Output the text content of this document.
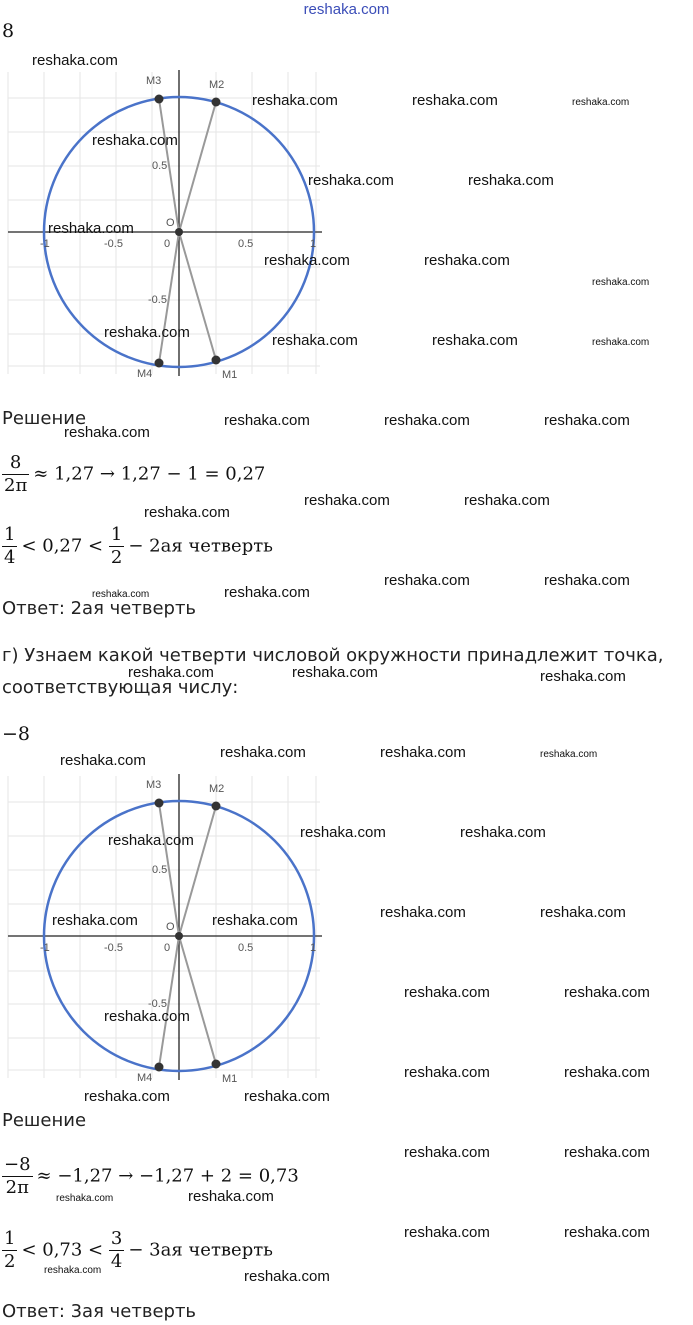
reshaka.com
8
M3	M2
M4	M1
O
-1	-0.5	0	0.5	1
0.5
-0.5
Решение
$\frac{8}{2\pi} \approx 1,27 \to 1,27 - 1 = 0,27$
$\frac{1}{4} < 0,27 < \frac{1}{2} - 2ая$ четверть
Ответ: 2ая четверть
г) Узнаем какой четверти числовой окружности принадлежит точка,
соответствующая числу:
−8
M3	M2
M4	M1
O
-1	-0.5	0	0.5	1
0.5
-0.5
Решение
$\frac{-8}{2\pi} \approx -1,27 \to -1,27 + 2 = 0,73$
$\frac{1}{2} < 0,73 < \frac{3}{4} - 3ая$ четверть
Ответ: 3ая четверть
reshaka.com
reshaka.com	reshaka.com	reshaka.com
reshaka.com
reshaka.com	reshaka.com
reshaka.com
reshaka.com	reshaka.com
reshaka.com
reshaka.com	reshaka.com	reshaka.com	reshaka.com
reshaka.com	reshaka.com	reshaka.com
reshaka.com
reshaka.com	reshaka.com
reshaka.com
reshaka.com	reshaka.com
reshaka.com	reshaka.com
reshaka.com	reshaka.com	reshaka.com
reshaka.com	reshaka.com	reshaka.com	reshaka.com
reshaka.com	reshaka.com	reshaka.com
reshaka.com	reshaka.com
reshaka.com	reshaka.com
reshaka.com	reshaka.com
reshaka.com
reshaka.com	reshaka.com
reshaka.com	reshaka.com
reshaka.com	reshaka.com
reshaka.com	reshaka.com
reshaka.com	reshaka.com
reshaka.com	reshaka.com
